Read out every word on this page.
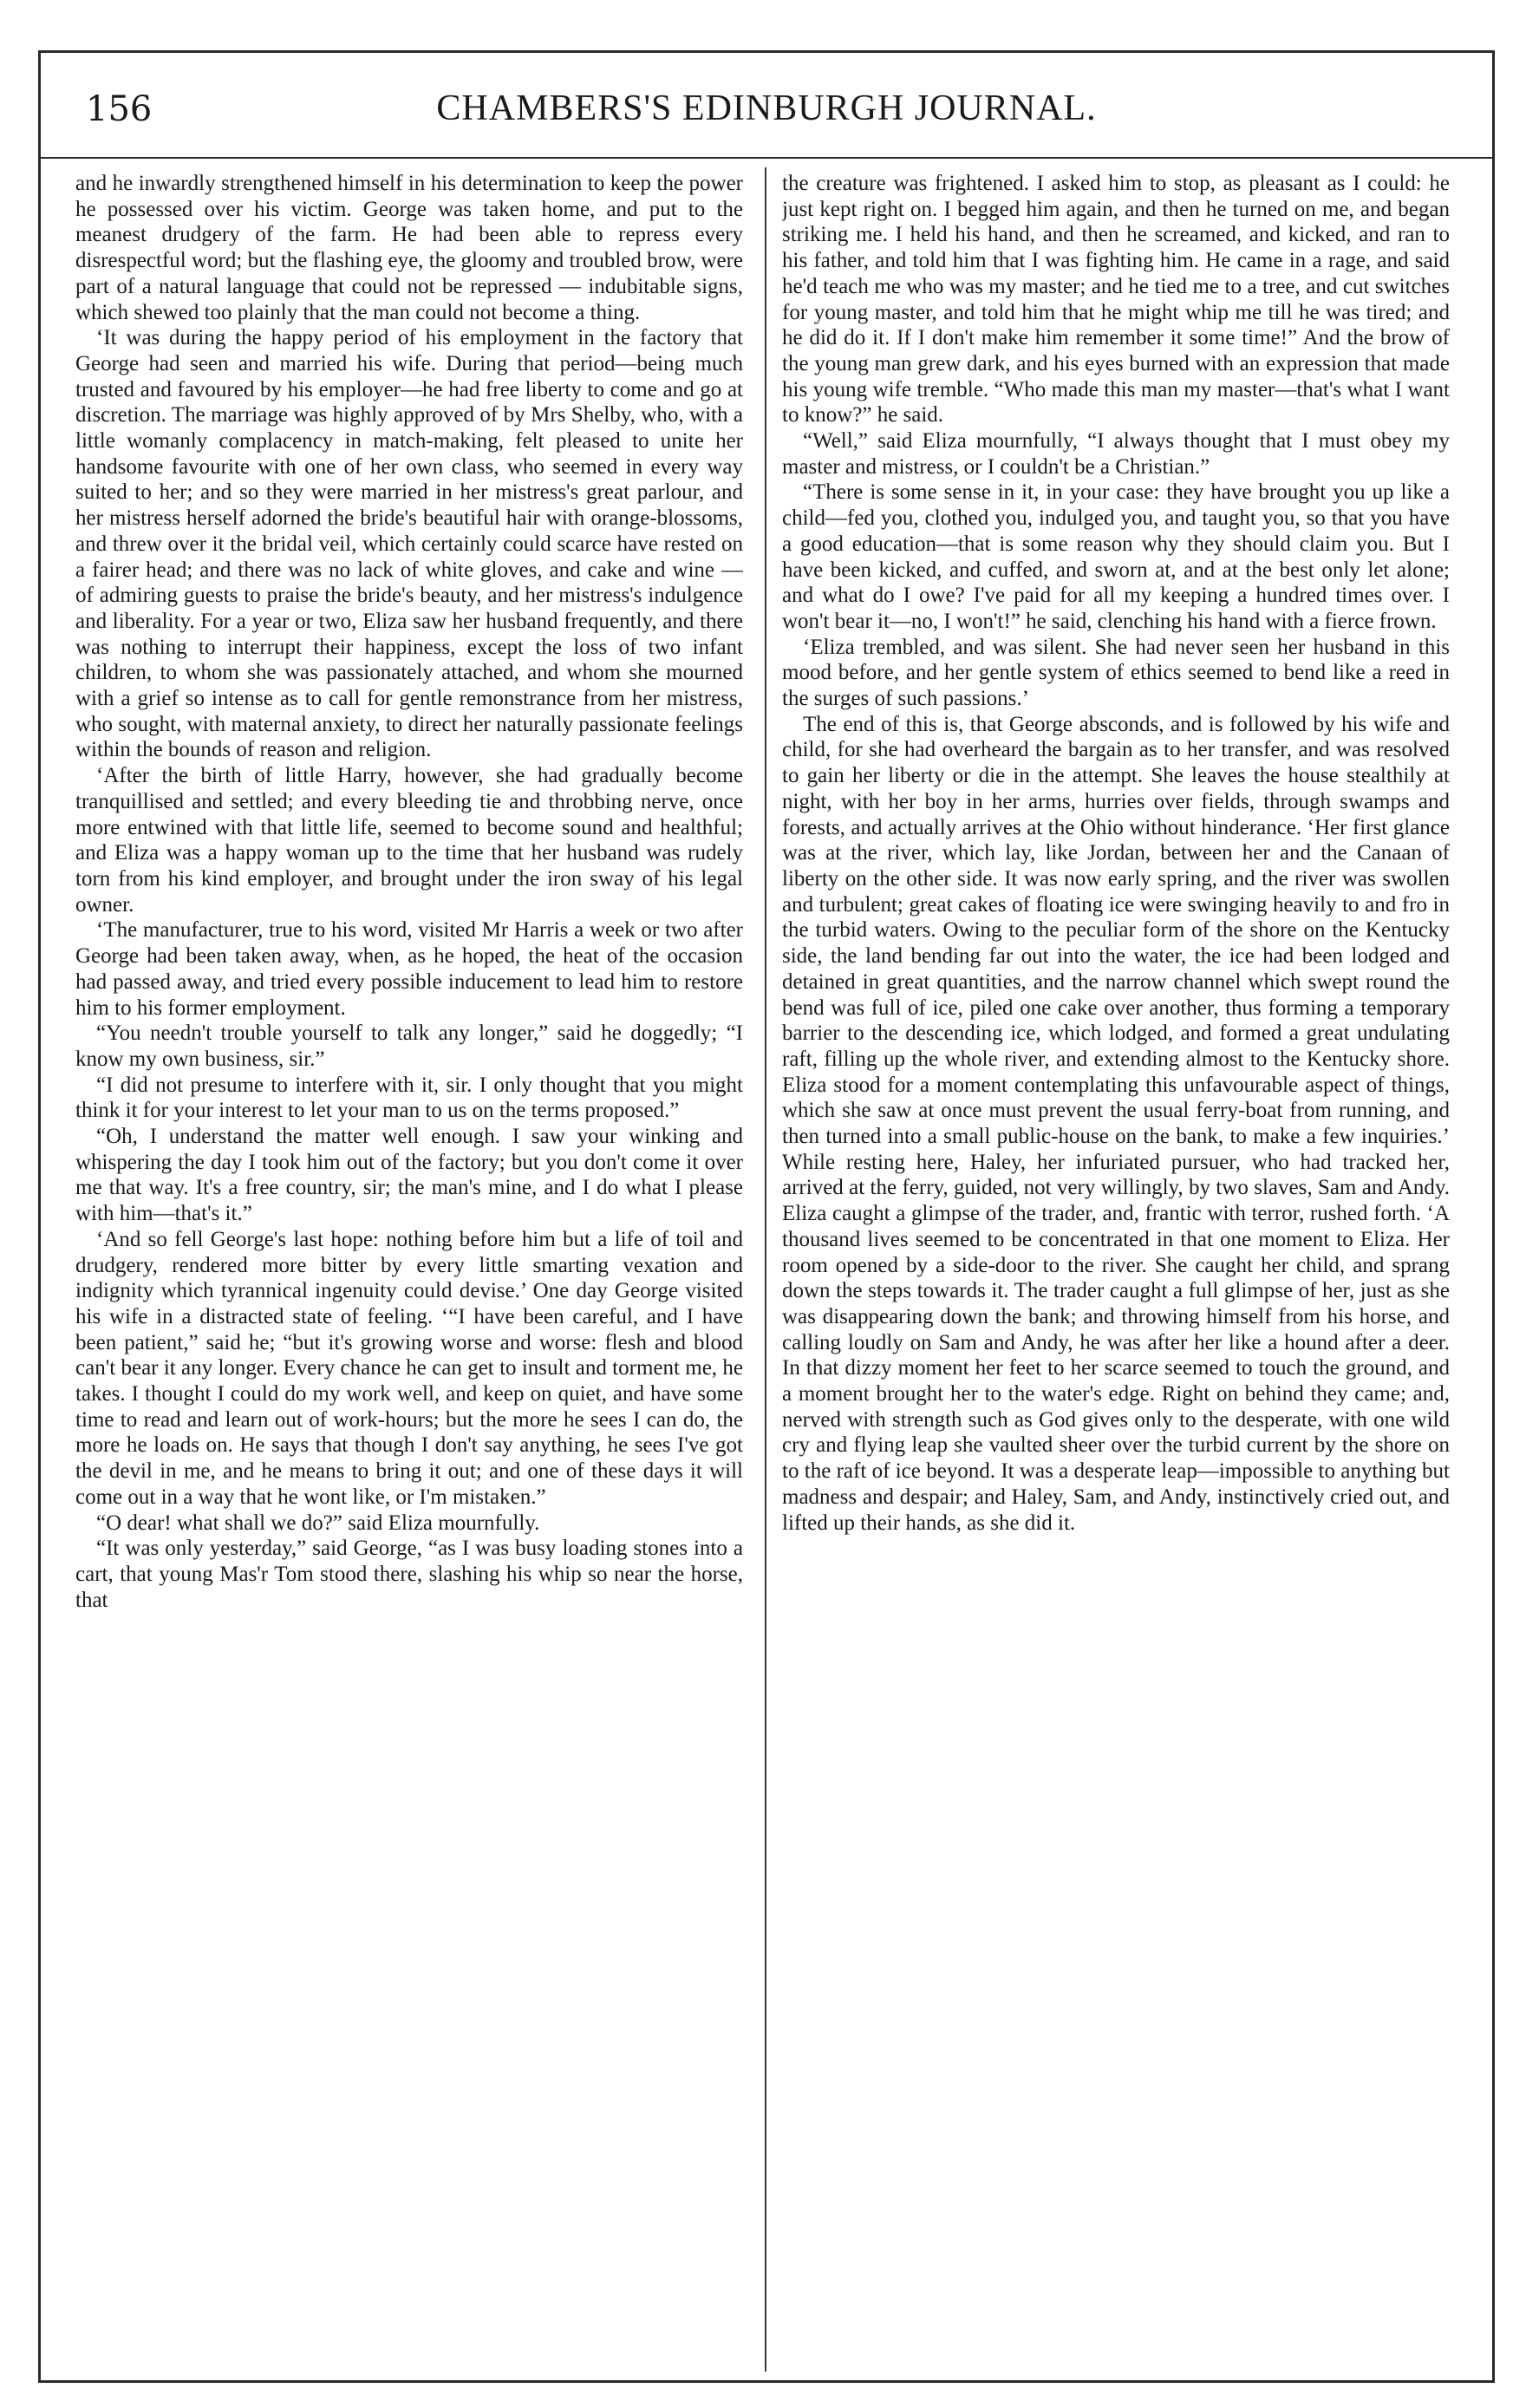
156	CHAMBERS'S EDINBURGH JOURNAL.

and he inwardly strengthened himself in his determination to keep the power he possessed over his victim. George was taken home, and put to the meanest drudgery of the farm. He had been able to repress every disrespectful word; but the flashing eye, the gloomy and troubled brow, were part of a natural language that could not be repressed — indubitable signs, which shewed too plainly that the man could not become a thing.

‘It was during the happy period of his employment in the factory that George had seen and married his wife. During that period—being much trusted and favoured by his employer—he had free liberty to come and go at discretion. The marriage was highly approved of by Mrs Shelby, who, with a little womanly complacency in match-making, felt pleased to unite her handsome favourite with one of her own class, who seemed in every way suited to her; and so they were married in her mistress's great parlour, and her mistress herself adorned the bride's beautiful hair with orange-blossoms, and threw over it the bridal veil, which certainly could scarce have rested on a fairer head; and there was no lack of white gloves, and cake and wine — of admiring guests to praise the bride's beauty, and her mistress's indulgence and liberality. For a year or two, Eliza saw her husband frequently, and there was nothing to interrupt their happiness, except the loss of two infant children, to whom she was passionately attached, and whom she mourned with a grief so intense as to call for gentle remonstrance from her mistress, who sought, with maternal anxiety, to direct her naturally passionate feelings within the bounds of reason and religion.

‘After the birth of little Harry, however, she had gradually become tranquillised and settled; and every bleeding tie and throbbing nerve, once more entwined with that little life, seemed to become sound and healthful; and Eliza was a happy woman up to the time that her husband was rudely torn from his kind employer, and brought under the iron sway of his legal owner.

‘The manufacturer, true to his word, visited Mr Harris a week or two after George had been taken away, when, as he hoped, the heat of the occasion had passed away, and tried every possible inducement to lead him to restore him to his former employment.

“You needn't trouble yourself to talk any longer,” said he doggedly; “I know my own business, sir.”

“I did not presume to interfere with it, sir. I only thought that you might think it for your interest to let your man to us on the terms proposed.”

“Oh, I understand the matter well enough. I saw your winking and whispering the day I took him out of the factory; but you don't come it over me that way. It's a free country, sir; the man's mine, and I do what I please with him—that's it.”

‘And so fell George's last hope: nothing before him but a life of toil and drudgery, rendered more bitter by every little smarting vexation and indignity which tyrannical ingenuity could devise.’ One day George visited his wife in a distracted state of feeling. ‘“I have been careful, and I have been patient,” said he; “but it's growing worse and worse: flesh and blood can't bear it any longer. Every chance he can get to insult and torment me, he takes. I thought I could do my work well, and keep on quiet, and have some time to read and learn out of work-hours; but the more he sees I can do, the more he loads on. He says that though I don't say anything, he sees I've got the devil in me, and he means to bring it out; and one of these days it will come out in a way that he wont like, or I'm mistaken.”

“O dear! what shall we do?” said Eliza mournfully.

“It was only yesterday,” said George, “as I was busy loading stones into a cart, that young Mas'r Tom stood there, slashing his whip so near the horse, that

the creature was frightened. I asked him to stop, as pleasant as I could: he just kept right on. I begged him again, and then he turned on me, and began striking me. I held his hand, and then he screamed, and kicked, and ran to his father, and told him that I was fighting him. He came in a rage, and said he'd teach me who was my master; and he tied me to a tree, and cut switches for young master, and told him that he might whip me till he was tired; and he did do it. If I don't make him remember it some time!” And the brow of the young man grew dark, and his eyes burned with an expression that made his young wife tremble. “Who made this man my master—that's what I want to know?” he said.

“Well,” said Eliza mournfully, “I always thought that I must obey my master and mistress, or I couldn't be a Christian.”

“There is some sense in it, in your case: they have brought you up like a child—fed you, clothed you, indulged you, and taught you, so that you have a good education—that is some reason why they should claim you. But I have been kicked, and cuffed, and sworn at, and at the best only let alone; and what do I owe? I've paid for all my keeping a hundred times over. I won't bear it—no, I won't!” he said, clenching his hand with a fierce frown.

‘Eliza trembled, and was silent. She had never seen her husband in this mood before, and her gentle system of ethics seemed to bend like a reed in the surges of such passions.’

The end of this is, that George absconds, and is followed by his wife and child, for she had overheard the bargain as to her transfer, and was resolved to gain her liberty or die in the attempt. She leaves the house stealthily at night, with her boy in her arms, hurries over fields, through swamps and forests, and actually arrives at the Ohio without hinderance. ‘Her first glance was at the river, which lay, like Jordan, between her and the Canaan of liberty on the other side. It was now early spring, and the river was swollen and turbulent; great cakes of floating ice were swinging heavily to and fro in the turbid waters. Owing to the peculiar form of the shore on the Kentucky side, the land bending far out into the water, the ice had been lodged and detained in great quantities, and the narrow channel which swept round the bend was full of ice, piled one cake over another, thus forming a temporary barrier to the descending ice, which lodged, and formed a great undulating raft, filling up the whole river, and extending almost to the Kentucky shore. Eliza stood for a moment contemplating this unfavourable aspect of things, which she saw at once must prevent the usual ferry-boat from running, and then turned into a small public-house on the bank, to make a few inquiries.’ While resting here, Haley, her infuriated pursuer, who had tracked her, arrived at the ferry, guided, not very willingly, by two slaves, Sam and Andy. Eliza caught a glimpse of the trader, and, frantic with terror, rushed forth. ‘A thousand lives seemed to be concentrated in that one moment to Eliza. Her room opened by a side-door to the river. She caught her child, and sprang down the steps towards it. The trader caught a full glimpse of her, just as she was disappearing down the bank; and throwing himself from his horse, and calling loudly on Sam and Andy, he was after her like a hound after a deer. In that dizzy moment her feet to her scarce seemed to touch the ground, and a moment brought her to the water's edge. Right on behind they came; and, nerved with strength such as God gives only to the desperate, with one wild cry and flying leap she vaulted sheer over the turbid current by the shore on to the raft of ice beyond. It was a desperate leap—impossible to anything but madness and despair; and Haley, Sam, and Andy, instinctively cried out, and lifted up their hands, as she did it.
